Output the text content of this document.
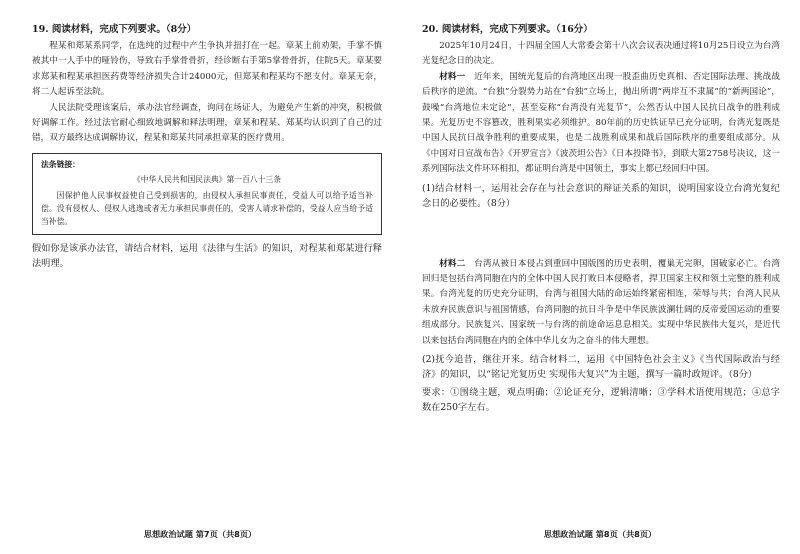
19. 阅读材料，完成下列要求。（8分）

程某和郑某系同学，在选纯的过程中产生争执并扭打在一起。章某上前劝架，手掌不慎被其中一人手中的哑铃伤，导致右手掌骨骨折，经诊断右手第5掌骨骨折，住院5天。章某要求郑某和程某承担医药费等经济损失合计24000元，但郑某和程某均不愿支付。章某无奈，将二人起诉至法院。

人民法院受理该案后，承办法官经调查，询问在场证人，为避免产生新的冲突，积极做好调解工作。经过法官耐心细致地调解和释法明理，章某和程某、郑某均认识到了自己的过错，双方最终达成调解协议，程某和郑某共同承担章某的医疗费用。

法条链接：
《中华人民共和国民法典》第一百八十三条
因保护他人民事权益使自己受到损害的，由侵权人承担民事责任，受益人可以给予适当补偿。没有侵权人、侵权人逃逸或者无力承担民事责任的，受害人请求补偿的，受益人应当给予适当补偿。

假如你是该承办法官，请结合材料，运用《法律与生活》的知识，对程某和郑某进行释法明理。

思想政治试题 第7页（共8页）

20. 阅读材料，完成下列要求。（16分）

2025年10月24日，十四届全国人大常委会第十八次会议表决通过将10月25日设立为台湾光复纪念日的决定。

材料一　 近年来，国统光复后的台湾地区出现一股歪曲历史真相、否定国际法理、挑战战后秩序的逆流。“台独”分裂势力站在“台独”立场上，抛出所谓“两岸互不隶属”的“新两国论”，鼓噪“台湾地位未定论”，甚至妄称“台湾没有光复节”，公然否认中国人民抗日战争的胜利成果。光复历史不容篡改，胜利果实必须维护。80年前的历史铁证早已充分证明，台湾光复既是中国人民抗日战争胜利的重要成果，也是二战胜利成果和战后国际秩序的重要组成部分。从《中国对日宣战布告》《开罗宣言》《波茨坦公告》《日本投降书》，到联大第2758号决议，这一系列国际法文件环环相扣，都证明台湾是中国领土，事实上都已经回归中国。

(1)结合材料一，运用社会存在与社会意识的辩证关系的知识，说明国家设立台湾光复纪念日的必要性。（8分）

材料二　 台湾从被日本侵占到重回中国版图的历史表明，覆巢无完卵，国破家必亡。台湾回归是包括台湾同胞在内的全体中国人民打败日本侵略者，捍卫国家主权和领土完整的胜利成果。台湾光复的历史充分证明，台湾与祖国大陆的命运始终紧密相连，荣辱与共；台湾人民从未放弃民族意识与祖国情感，台湾同胞的抗日斗争是中华民族波澜壮阔的反帝爱国运动的重要组成部分。民族复兴、国家统一与台湾的前途命运息息相关。实现中华民族伟大复兴，是近代以来包括台湾同胞在内的全体中华儿女为之奋斗的伟大理想。

(2)抚今追昔，继往开来。结合材料二，运用《中国特色社会主义》《当代国际政治与经济》的知识，以“铭记光复历史 实现伟大复兴”为主题，撰写一篇时政短评。（8分）

要求：①围绕主题，观点明确；②论证充分，逻辑清晰；③学科术语使用规范；④总字数在250字左右。

思想政治试题 第8页（共8页）
